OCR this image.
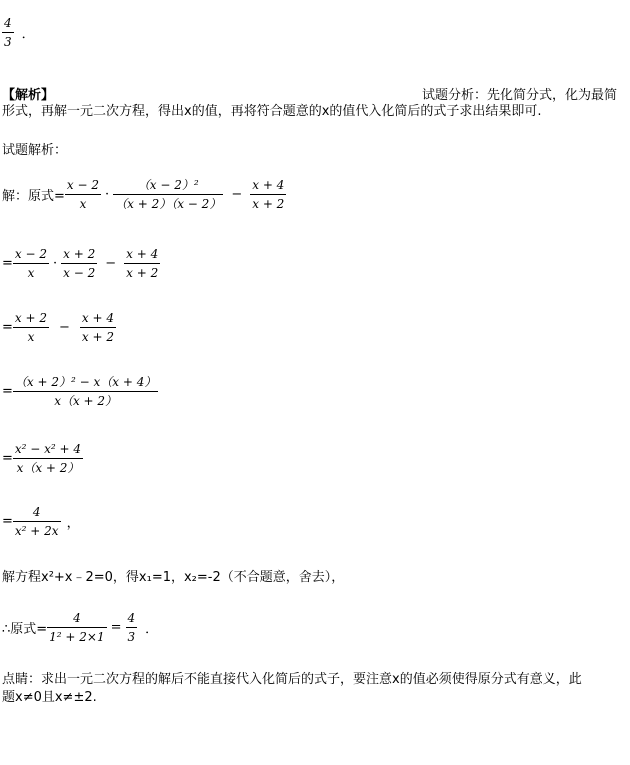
$\frac{4}{3}$ ．
【解析】	试题分析：先化简分式，化为最简
形式，再解一元二次方程，得出x的值，再将符合题意的x的值代入化简后的式子求出结果即可.
试题解析：
解：原式= $\frac{x - 2}{x} \cdot \frac{\text{（x − 2）²}}{(x + 2)(x - 2)} - \frac{x + 4}{x + 2}$
= $\frac{x - 2}{x} \cdot \frac{x + 2}{x - 2} - \frac{x + 4}{x + 2}$
= $\frac{x + 2}{x} - \frac{x + 4}{x + 2}$
= $\frac{\text{（x + 2）² − x（x + 4）}}{x(x + 2)}$
= $\frac{\text{x² − x² + 4}}{x(x + 2)}$
= $\frac{4}{\text{x² + 2x}}$ ，
解方程x²+x﹣2=0，得x₁=1，x₂=-2（不合题意，舍去），
∴原式= $\frac{4}{\text{1² + 2×1}} = \frac{4}{3}$ ．
点睛：求出一元二次方程的解后不能直接代入化简后的式子，要注意x的值必须使得原分式有意义，此
题x≠0且x≠±2.
